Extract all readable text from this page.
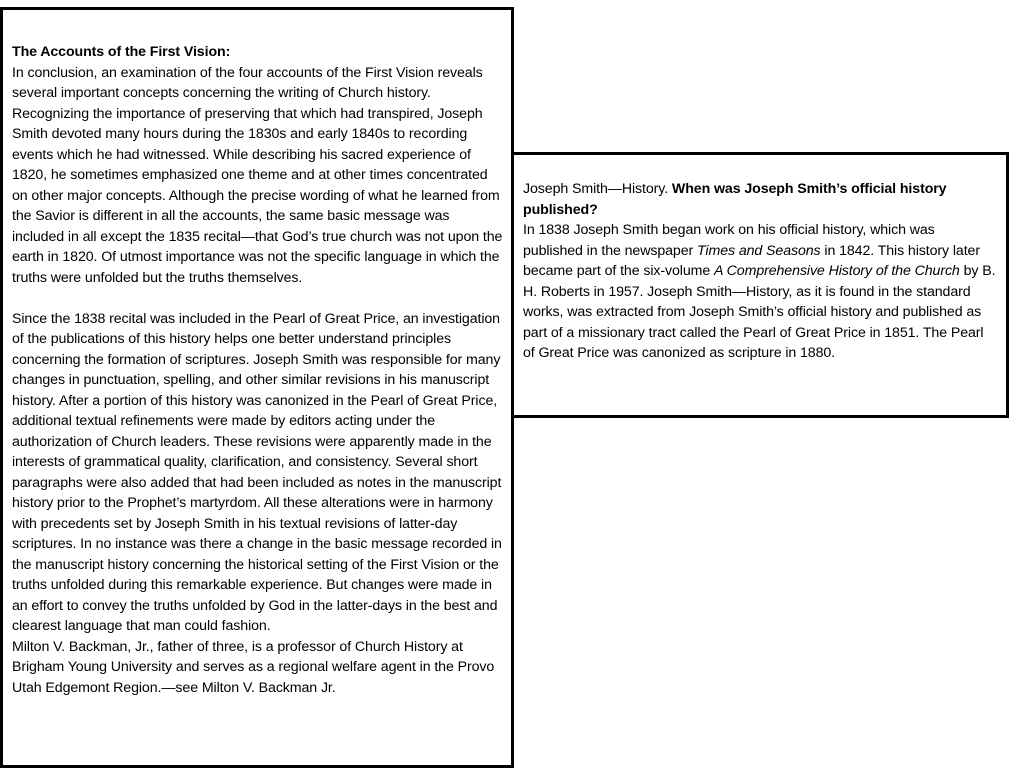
The Accounts of the First Vision:

In conclusion, an examination of the four accounts of the First Vision reveals several important concepts concerning the writing of Church history. Recognizing the importance of preserving that which had transpired, Joseph Smith devoted many hours during the 1830s and early 1840s to recording events which he had witnessed. While describing his sacred experience of 1820, he sometimes emphasized one theme and at other times concentrated on other major concepts. Although the precise wording of what he learned from the Savior is different in all the accounts, the same basic message was included in all except the 1835 recital—that God’s true church was not upon the earth in 1820. Of utmost importance was not the specific language in which the truths were unfolded but the truths themselves.

Since the 1838 recital was included in the Pearl of Great Price, an investigation of the publications of this history helps one better understand principles concerning the formation of scriptures. Joseph Smith was responsible for many changes in punctuation, spelling, and other similar revisions in his manuscript history. After a portion of this history was canonized in the Pearl of Great Price, additional textual refinements were made by editors acting under the authorization of Church leaders. These revisions were apparently made in the interests of grammatical quality, clarification, and consistency. Several short paragraphs were also added that had been included as notes in the manuscript history prior to the Prophet’s martyrdom. All these alterations were in harmony with precedents set by Joseph Smith in his textual revisions of latter-day scriptures. In no instance was there a change in the basic message recorded in the manuscript history concerning the historical setting of the First Vision or the truths unfolded during this remarkable experience. But changes were made in an effort to convey the truths unfolded by God in the latter-days in the best and clearest language that man could fashion.

Milton V. Backman, Jr., father of three, is a professor of Church History at Brigham Young University and serves as a regional welfare agent in the Provo Utah Edgemont Region.—see Milton V. Backman Jr.

Joseph Smith—History. When was Joseph Smith’s official history published?

In 1838 Joseph Smith began work on his official history, which was published in the newspaper Times and Seasons in 1842. This history later became part of the six-volume A Comprehensive History of the Church by B. H. Roberts in 1957. Joseph Smith—History, as it is found in the standard works, was extracted from Joseph Smith’s official history and published as part of a missionary tract called the Pearl of Great Price in 1851. The Pearl of Great Price was canonized as scripture in 1880.
